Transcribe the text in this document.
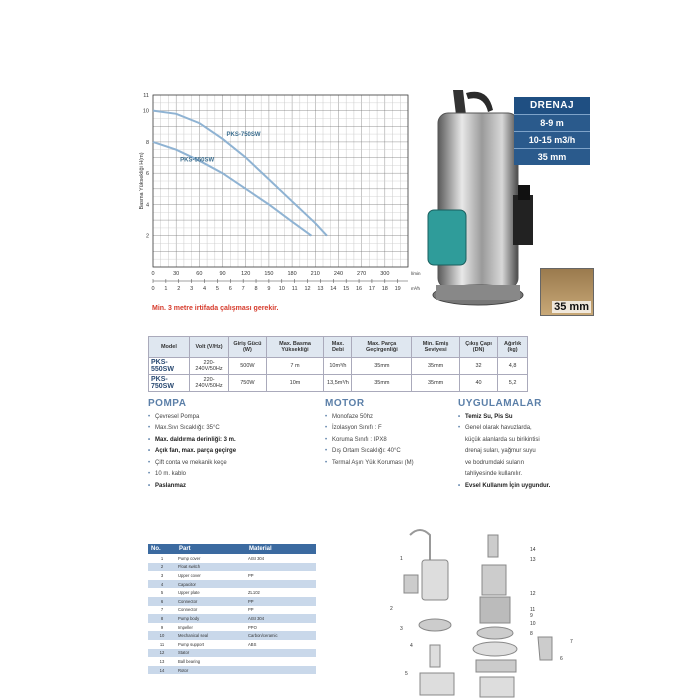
11
10
8
6
4
2
Basma Yüksekliği H(m)
0	30	60	90	120	150	180	210	240	270	300	l/min
0 1 2 3 4 5 6 7 8 9 10 11 12 13 14 15 16 17 18 19 m³/h
PKS-750SW
PKS-550SW
Min. 3 metre irtifada çalışması gerekir.
DRENAJ
8-9 m
10-15 m3/h
35 mm
35 mm
Model	Volt (V/Hz)	Giriş Gücü (W)	Max. Basma Yüksekliği	Max. Debi	Max. Parça Geçirgenliği	Min. Emiş Seviyesi	Çıkış Çapı (DN)	Ağırlık (kg)
PKS-550SW	220-240V/50Hz	500W	7 m	10m³/h	35mm	35mm	32	4,8
PKS-750SW	220-240V/50Hz	750W	10m	13,5m³/h	35mm	35mm	40	5,2
POMPA
• Çevresel Pompa
• Max.Sıvı Sıcaklığı: 35°C
• Max. daldırma derinliği: 3 m.
• Açık fan, max. parça geçirge
• Çift conta ve mekanik keçe
• 10 m. kablo
• Paslanmaz
MOTOR
• Monofaze 50hz
• İzolasyon Sınıfı : F
• Koruma Sınıfı : IPX8
• Dış Ortam Sıcaklığı: 40°C
• Termal Aşırı Yük Koruması (M)
UYGULAMALAR
• Temiz Su, Pis Su
• Genel olarak havuzlarda,
küçük alanlarda su birikintisi
drenaj suları, yağmur suyu
ve bodrumdaki suların
tahliyesinde kullanılır.
• Evsel Kullanım İçin uygundur.
No.	Part	Material
1	Pump cover	AISI 304
2	Float switch	
3	Upper cover	PP
4	Capacitor	
5	Upper plate	ZL102
6	Connector	PP
7	Connector	PP
8	Pump body	AISI 304
9	Impeller	PPO
10	Mechanical seal	Carbon/ceramic
11	Pump support	ABS
12	Stator	
13	Ball bearing	
14	Rotor	
1
2
3
4
5
6
7
8
9
10
11
12
13
14
